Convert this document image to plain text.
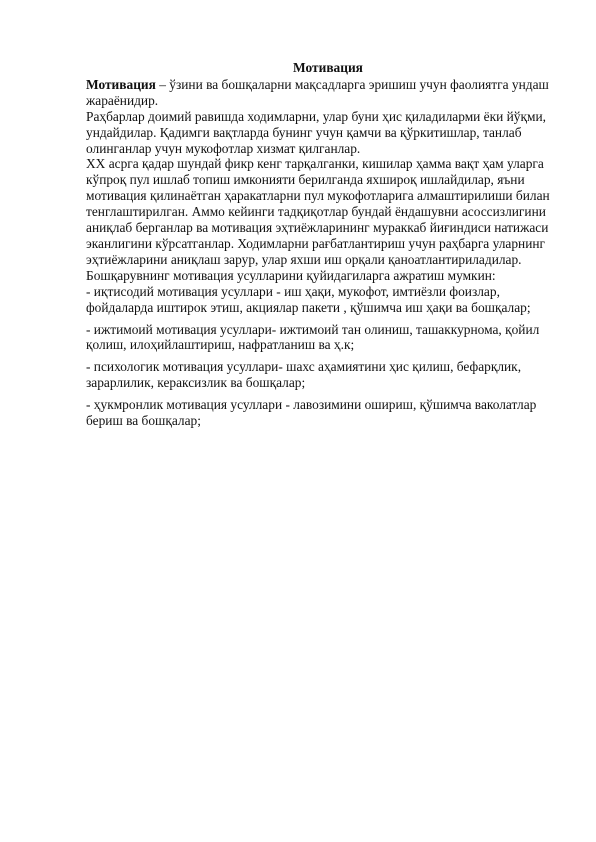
Мотивация

Мотивация – ўзини ва бошқаларни мақсадларга эришиш учун фаолиятга ундаш жараёнидир.

Раҳбарлар доимий равишда ходимларни, улар буни ҳис қиладиларми ёки йўқми, ундайдилар. Қадимги вақтларда бунинг учун қамчи ва қўркитишлар, танлаб олинганлар учун мукофотлар хизмат қилганлар.

XX асрга қадар шундай фикр кенг тарқалганки, кишилар ҳамма вақт ҳам уларга кўпроқ пул ишлаб топиш имконияти берилганда яхшироқ ишлайдилар, яъни мотивация қилинаётган ҳаракатларни пул мукофотларига алмаштирилиши билан тенглаштирилган. Аммо кейинги тадқиқотлар бундай ёндашувни асоссизлигини аниқлаб берганлар ва мотивация эҳтиёжларининг мураккаб йиғиндиси натижаси эканлигини кўрсатганлар. Ходимларни рағбатлантириш учун раҳбарга уларнинг эҳтиёжларини аниқлаш зарур, улар яхши иш орқали қаноатлантириладилар.

Бошқарувнинг мотивация усулларини қуйидагиларга ажратиш мумкин:

- иқтисодий мотивация усуллари - иш ҳақи, мукофот, имтиёзли фоизлар, фойдаларда иштирок этиш, акциялар пакети , қўшимча иш ҳақи ва бошқалар;

- ижтимоий мотивация усуллари- ижтимоий тан олиниш, ташаккурнома, қойил қолиш, илоҳийлаштириш, нафратланиш ва ҳ.к;

- психологик мотивация усуллари- шахс аҳамиятини ҳис қилиш, бефарқлик, зарарлилик, керaксизлик ва бошқалар;

- ҳукмронлик мотивация усуллари - лавозимини ошириш, қўшимча ваколатлар бериш ва бошқалар;
